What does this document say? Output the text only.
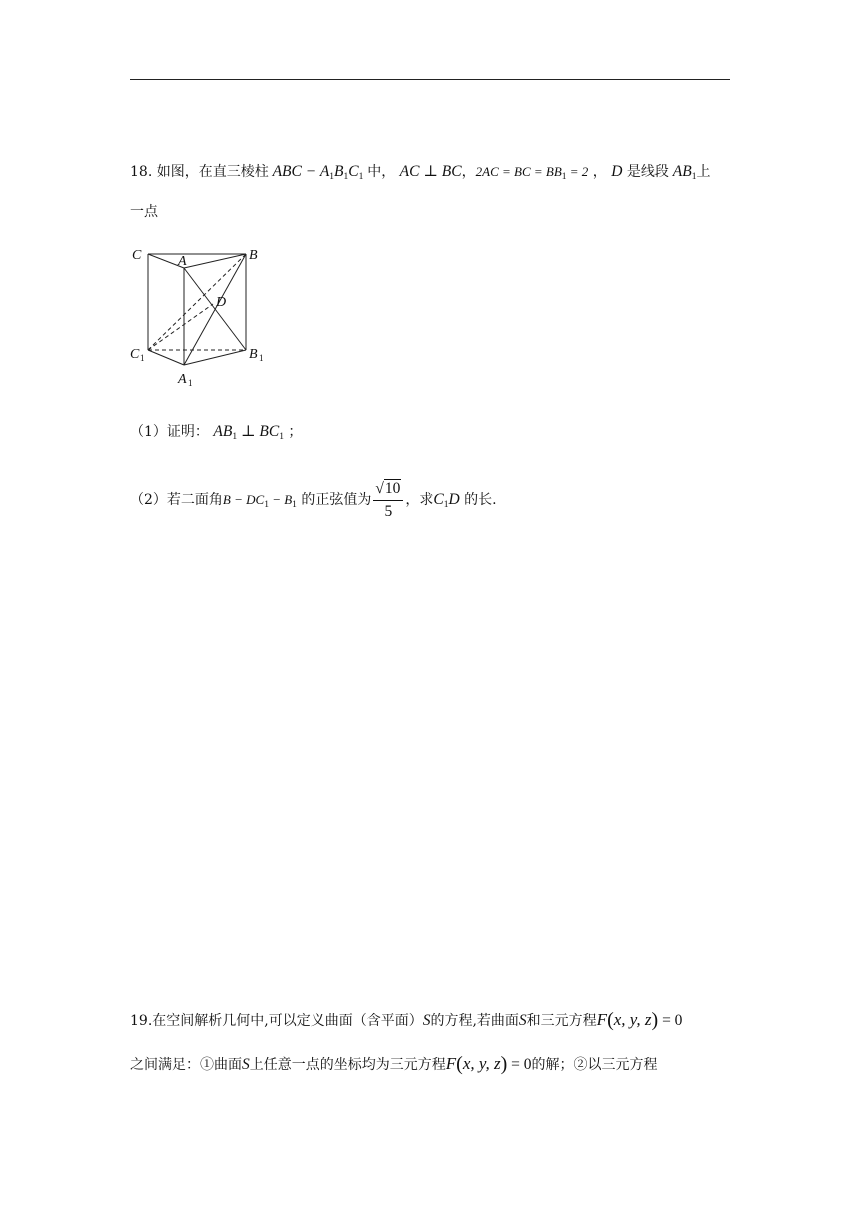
18. 如图，在直三棱柱 ABC − $A_1B_1C_1$ 中， AC ⊥ BC，2AC = BC = $BB_1 = 2$ ， D 是线段 $AB_1$上
一点
C	A	B
D
C 1	B 1
A 1
（1）证明： $AB_1$ ⊥ $BC_1$ ；
（2）若二面角$B - DC_1 - B_1$ 的正弦值为 $\frac{√10}{5}$ ，求$C_1D$ 的长.
19.在空间解析几何中,可以定义曲面（含平面）S的方程,若曲面S和三元方程F(x, y, z) = 0
之间满足：①曲面S上任意一点的坐标均为三元方程F(x, y, z) = 0的解；②以三元方程
